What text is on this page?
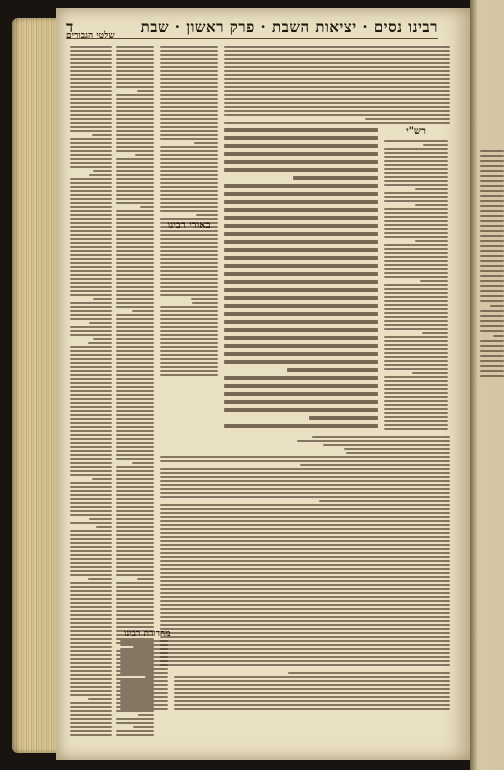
רבינו נסים · יציאות השבת · פרק ראשון · שבת
ד
שלטי הגבורים
באורי רבינו
רש"י
מהדורת רבינו
